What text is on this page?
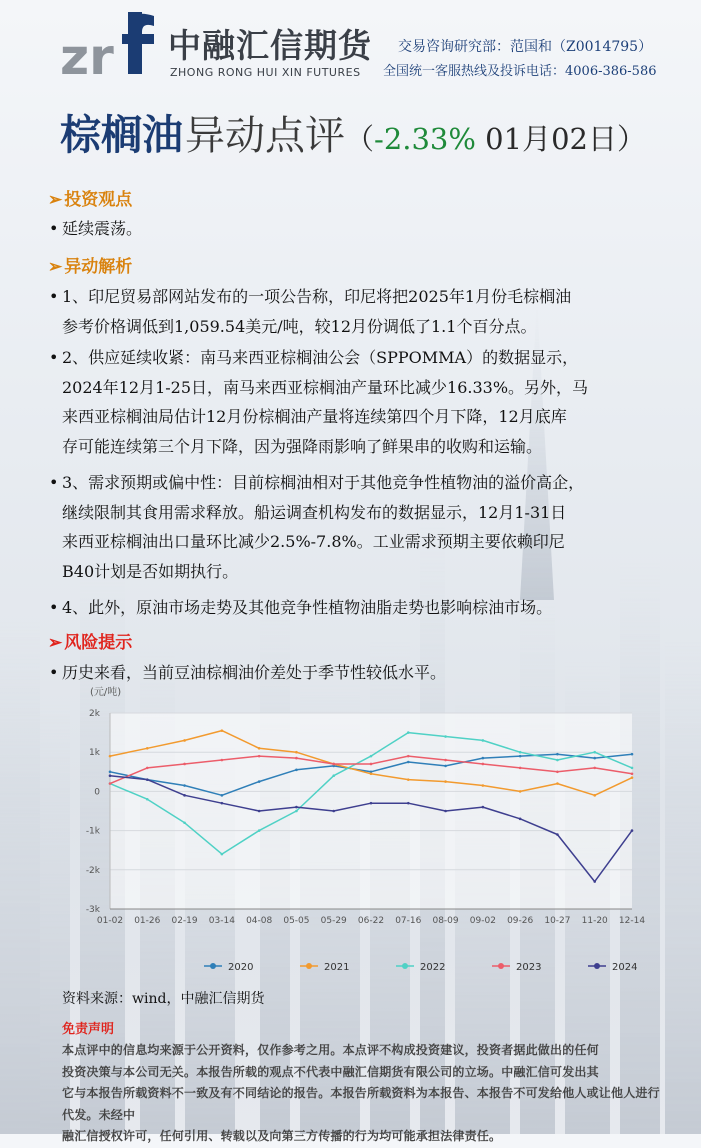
zr 中融汇信期货
ZHONG RONG HUI XIN FUTURES
交易咨询研究部：范国和（Z0014795）
全国统一客服热线及投诉电话：4006-386-586
棕榈油异动点评（-2.33% 01月02日）
➢ 投资观点
• 延续震荡。
➢ 异动解析
• 1、印尼贸易部网站发布的一项公告称，印尼将把2025年1月份毛棕榈油
参考价格调低到1,059.54美元/吨，较12月份调低了1.1个百分点。
• 2、供应延续收紧：南马来西亚棕榈油公会（SPPOMMA）的数据显示，
2024年12月1-25日，南马来西亚棕榈油产量环比减少16.33%。另外，马
来西亚棕榈油局估计12月份棕榈油产量将连续第四个月下降，12月底库
存可能连续第三个月下降，因为强降雨影响了鲜果串的收购和运输。
• 3、需求预期或偏中性：目前棕榈油相对于其他竞争性植物油的溢价高企，
继续限制其食用需求释放。船运调查机构发布的数据显示，12月1-31日
来西亚棕榈油出口量环比减少2.5%-7.8%。工业需求预期主要依赖印尼
B40计划是否如期执行。
• 4、此外，原油市场走势及其他竞争性植物油脂走势也影响棕油市场。
➢ 风险提示
• 历史来看，当前豆油棕榈油价差处于季节性较低水平。
(元/吨)
2k
1k
0
-1k
-2k
-3k
01-02 01-26 02-19 03-14 04-08 05-05 05-29 06-22 07-16 08-09 09-02 09-26 10-27 11-20 12-14
2020	2021	2022	2023	2024
资料来源：wind，中融汇信期货
免责声明
本点评中的信息均来源于公开资料，仅作参考之用。本点评不构成投资建议，投资者据此做出的任何
投资决策与本公司无关。本报告所载的观点不代表中融汇信期货有限公司的立场。中融汇信可发出其
它与本报告所载资料不一致及有不同结论的报告。本报告所载资料为本报告、本报告不可发给他人或让他人进行代发。未经中
融汇信授权许可，任何引用、转载以及向第三方传播的行为均可能承担法律责任。
